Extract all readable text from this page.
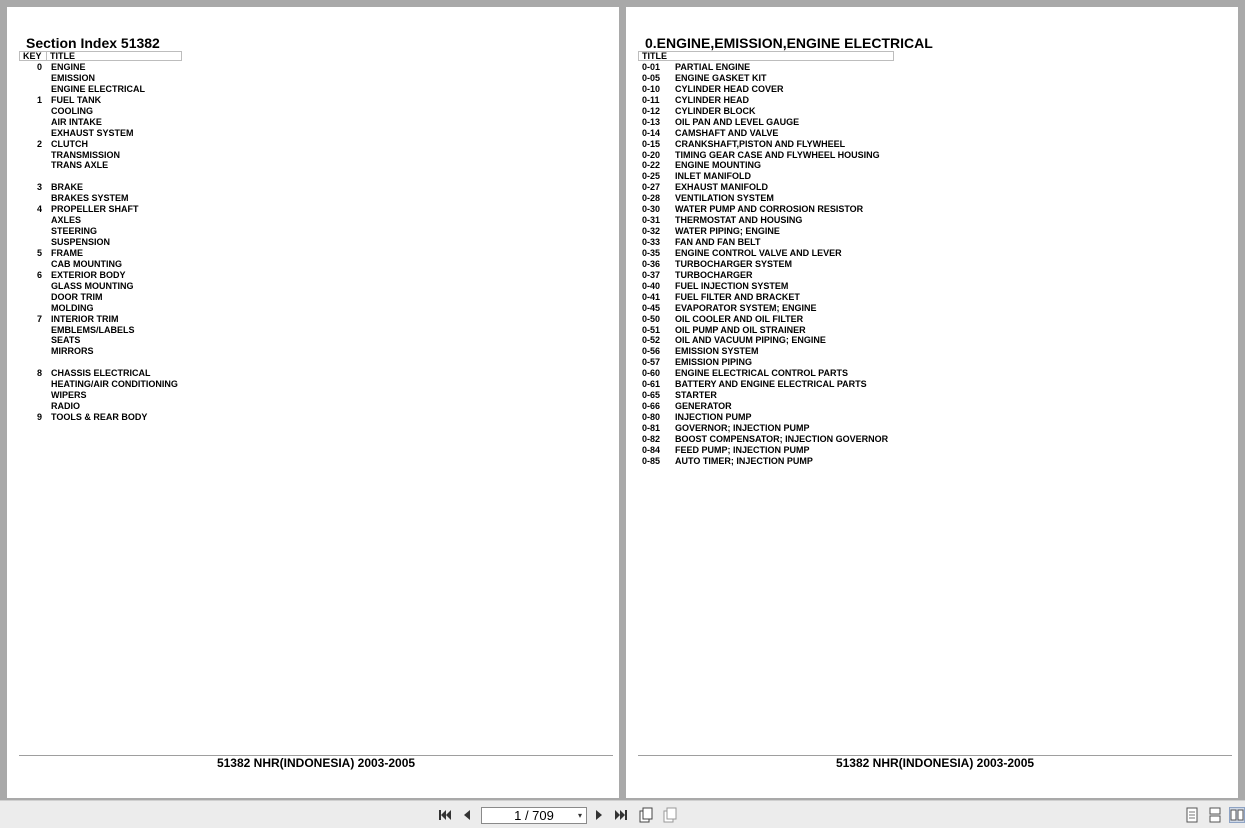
Section Index 51382
KEY TITLE
0 ENGINE
EMISSION
ENGINE ELECTRICAL
1 FUEL TANK
COOLING
AIR INTAKE
EXHAUST SYSTEM
2 CLUTCH
TRANSMISSION
TRANS AXLE
3 BRAKE
BRAKES SYSTEM
4 PROPELLER SHAFT
AXLES
STEERING
SUSPENSION
5 FRAME
CAB MOUNTING
6 EXTERIOR BODY
GLASS MOUNTING
DOOR TRIM
MOLDING
7 INTERIOR TRIM
EMBLEMS/LABELS
SEATS
MIRRORS
8 CHASSIS ELECTRICAL
HEATING/AIR CONDITIONING
WIPERS
RADIO
9 TOOLS & REAR BODY
51382 NHR(INDONESIA) 2003-2005
0.ENGINE,EMISSION,ENGINE ELECTRICAL
TITLE
0-01	PARTIAL ENGINE
0-05	ENGINE GASKET KIT
0-10	CYLINDER HEAD COVER
0-11	CYLINDER HEAD
0-12	CYLINDER BLOCK
0-13	OIL PAN AND LEVEL GAUGE
0-14	CAMSHAFT AND VALVE
0-15	CRANKSHAFT,PISTON AND FLYWHEEL
0-20	TIMING GEAR CASE AND FLYWHEEL HOUSING
0-22	ENGINE MOUNTING
0-25	INLET MANIFOLD
0-27	EXHAUST MANIFOLD
0-28	VENTILATION SYSTEM
0-30	WATER PUMP AND CORROSION RESISTOR
0-31	THERMOSTAT AND HOUSING
0-32	WATER PIPING; ENGINE
0-33	FAN AND FAN BELT
0-35	ENGINE CONTROL VALVE AND LEVER
0-36	TURBOCHARGER SYSTEM
0-37	TURBOCHARGER
0-40	FUEL INJECTION SYSTEM
0-41	FUEL FILTER AND BRACKET
0-45	EVAPORATOR SYSTEM; ENGINE
0-50	OIL COOLER AND OIL FILTER
0-51	OIL PUMP AND OIL STRAINER
0-52	OIL AND VACUUM PIPING; ENGINE
0-56	EMISSION SYSTEM
0-57	EMISSION PIPING
0-60	ENGINE ELECTRICAL CONTROL PARTS
0-61	BATTERY AND ENGINE ELECTRICAL PARTS
0-65	STARTER
0-66	GENERATOR
0-80	INJECTION PUMP
0-81	GOVERNOR; INJECTION PUMP
0-82	BOOST COMPENSATOR; INJECTION GOVERNOR
0-84	FEED PUMP; INJECTION PUMP
0-85	AUTO TIMER; INJECTION PUMP
51382 NHR(INDONESIA) 2003-2005
1 / 709	▾
